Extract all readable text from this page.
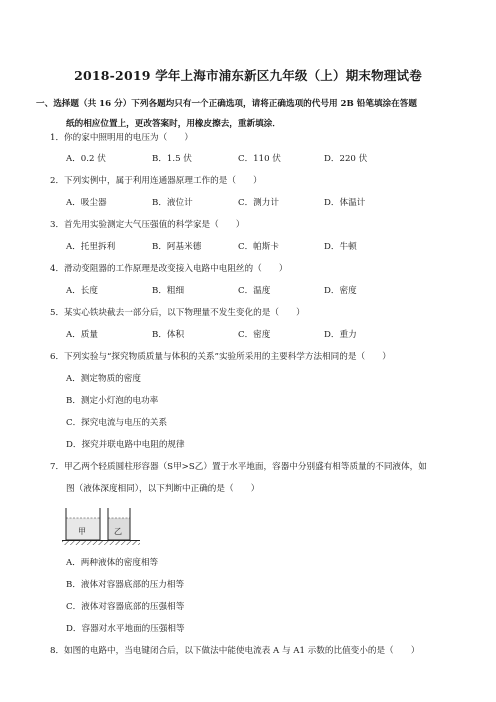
2018-2019 学年上海市浦东新区九年级（上）期末物理试卷
一、选择题（共 16 分）下列各题均只有一个正确选项，请将正确选项的代号用 2B 铅笔填涂在答题
纸的相应位置上，更改答案时，用橡皮擦去，重新填涂．
1．你的家中照明用的电压为（　　）
A．0.2 伏	B．1.5 伏	C．110 伏	D．220 伏
2．下列实例中，属于利用连通器原理工作的是（　　）
A．吸尘器	B．液位计	C．测力计	D．体温计
3．首先用实验测定大气压强值的科学家是（　　）
A．托里拆利	B．阿基米德	C．帕斯卡	D．牛顿
4．滑动变阻器的工作原理是改变接入电路中电阻丝的（　　）
A．长度	B．粗细	C．温度	D．密度
5．某实心铁块截去一部分后，以下物理量不发生变化的是（　　）
A．质量	B．体积	C．密度	D．重力
6．下列实验与“探究物质质量与体积的关系”实验所采用的主要科学方法相同的是（　　）
A．测定物质的密度
B．测定小灯泡的电功率
C．探究电流与电压的关系
D．探究并联电路中电阻的规律
7．甲乙两个轻质圆柱形容器（S甲>S乙）置于水平地面，容器中分别盛有相等质量的不同液体，如
图（液体深度相同），以下判断中正确的是（　　）
甲	乙
A．两种液体的密度相等
B．液体对容器底部的压力相等
C．液体对容器底部的压强相等
D．容器对水平地面的压强相等
8．如图的电路中，当电键闭合后，以下做法中能使电流表 A 与 A1 示数的比值变小的是（　　）
